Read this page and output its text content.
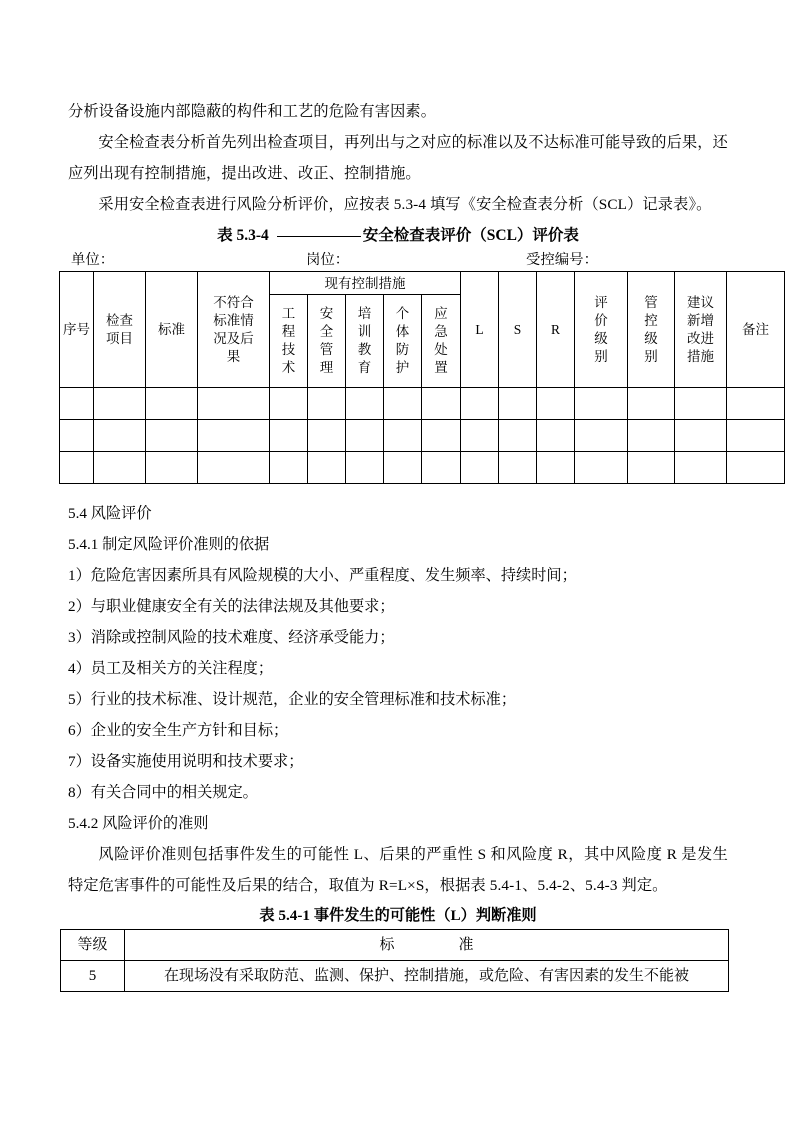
分析设备设施内部隐蔽的构件和工艺的危险有害因素。

安全检查表分析首先列出检查项目，再列出与之对应的标准以及不达标准可能导致的后果，还应列出现有控制措施，提出改进、改正、控制措施。

采用安全检查表进行风险分析评价，应按表 5.3-4 填写《安全检查表分析（SCL）记录表》。

表 5.3-4	安全检查表评价（SCL）评价表

单位：	岗位：	受控编号：
序号	检查项目	标准	不符合标准情况及后果	现有控制措施					L	S	R	评价级别	管控级别	建议新增改进措施	备注
				工程技术	安全管理	培训教育	个体防护	应急处置							

5.4 风险评价

5.4.1 制定风险评价准则的依据

1）危险危害因素所具有风险规模的大小、严重程度、发生频率、持续时间；

2）与职业健康安全有关的法律法规及其他要求；

3）消除或控制风险的技术难度、经济承受能力；

4）员工及相关方的关注程度；

5）行业的技术标准、设计规范，企业的安全管理标准和技术标准；

6）企业的安全生产方针和目标；

7）设备实施使用说明和技术要求；

8）有关合同中的相关规定。

5.4.2 风险评价的准则

风险评价准则包括事件发生的可能性 L、后果的严重性 S 和风险度 R，其中风险度 R 是发生特定危害事件的可能性及后果的结合，取值为 R=L×S，根据表 5.4-1、5.4-2、5.4-3 判定。

表 5.4-1 事件发生的可能性（L）判断准则

等级	标 准
5	在现场没有采取防范、监测、保护、控制措施，或危险、有害因素的发生不能被
